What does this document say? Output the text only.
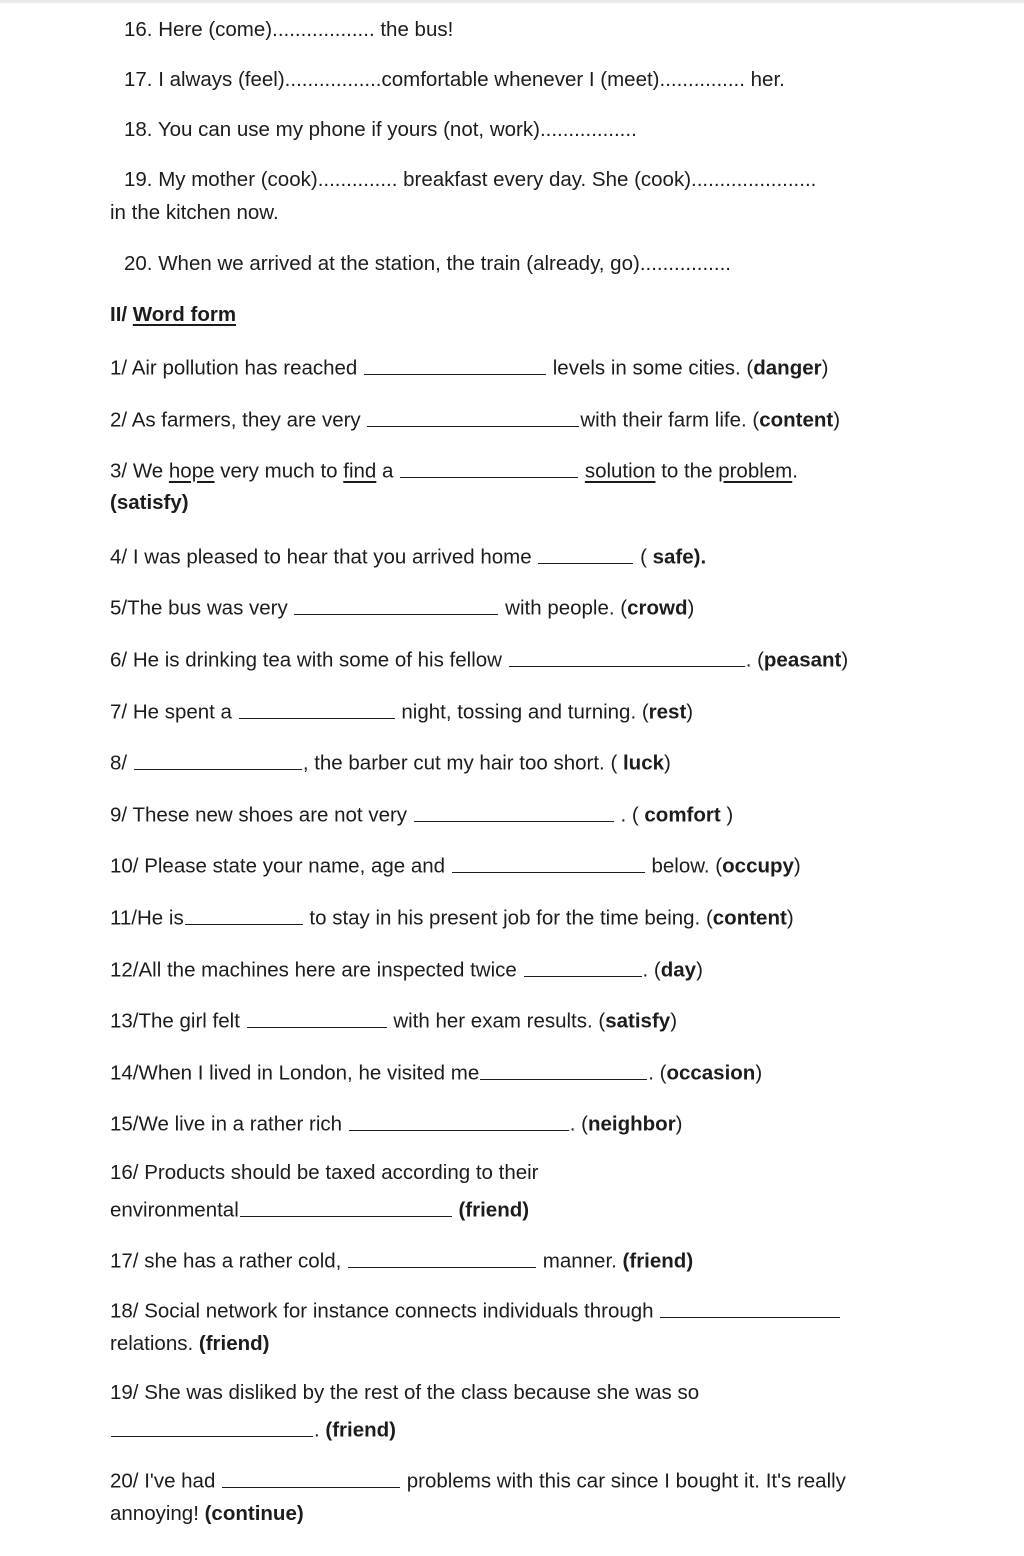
16. Here (come).................. the bus!
17. I always (feel).................comfortable whenever I (meet)............... her.
18. You can use my phone if yours (not, work).................
19. My mother (cook).............. breakfast every day. She (cook)......................
in the kitchen now.
20. When we arrived at the station, the train (already, go)................
II/ Word form
1/ Air pollution has reached	levels in some cities. (danger)
2/ As farmers, they are very	with their farm life. (content)
3/ We hope very much to find a	solution to the problem.
(satisfy)
4/ I was pleased to hear that you arrived home	( safe).
5/The bus was very	with people. (crowd)
6/ He is drinking tea with some of his fellow	. (peasant)
7/ He spent a	night, tossing and turning. (rest)
8/	, the barber cut my hair too short. ( luck)
9/ These new shoes are not very	. ( comfort )
10/ Please state your name, age and	below. (occupy)
11/He is	to stay in his present job for the time being. (content)
12/All the machines here are inspected twice	. (day)
13/The girl felt	with her exam results. (satisfy)
14/When I lived in London, he visited me	. (occasion)
15/We live in a rather rich	. (neighbor)
16/ Products should be taxed according to their
environmental	(friend)
17/ she has a rather cold,	manner. (friend)
18/ Social network for instance connects individuals through
relations. (friend)
19/ She was disliked by the rest of the class because she was so
. (friend)
20/ I've had	problems with this car since I bought it. It's really
annoying! (continue)
